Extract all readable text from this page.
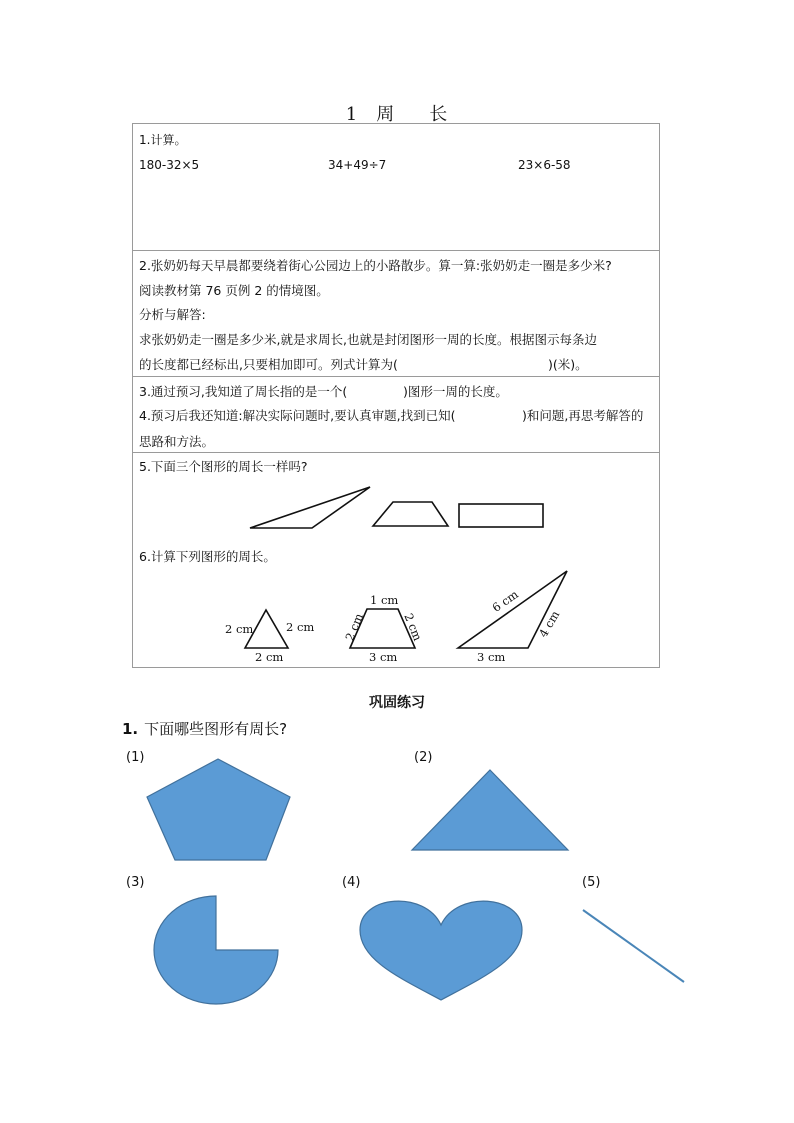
1 周 长
1.计算。
180-32×5	34+49÷7	23×6-58
2.张奶奶每天早晨都要绕着街心公园边上的小路散步。算一算:张奶奶走一圈是多少米?
阅读教材第 76 页例 2 的情境图。
分析与解答:
求张奶奶走一圈是多少米,就是求周长,也就是封闭图形一周的长度。根据图示每条边
的长度都已经标出,只要相加即可。列式计算为(	)(米)。
3.通过预习,我知道了周长指的是一个(	)图形一周的长度。
4.预习后我还知道:解决实际问题时,要认真审题,找到已知(	)和问题,再思考解答的
思路和方法。
5.下面三个图形的周长一样吗?
6.计算下列图形的周长。
2 cm	2 cm
2 cm
1 cm
2 cm	2 cm
3 cm
6 cm
4 cm
3 cm
巩固练习
1. 下面哪些图形有周长?
(1)	(2)
(3)	(4)	(5)
